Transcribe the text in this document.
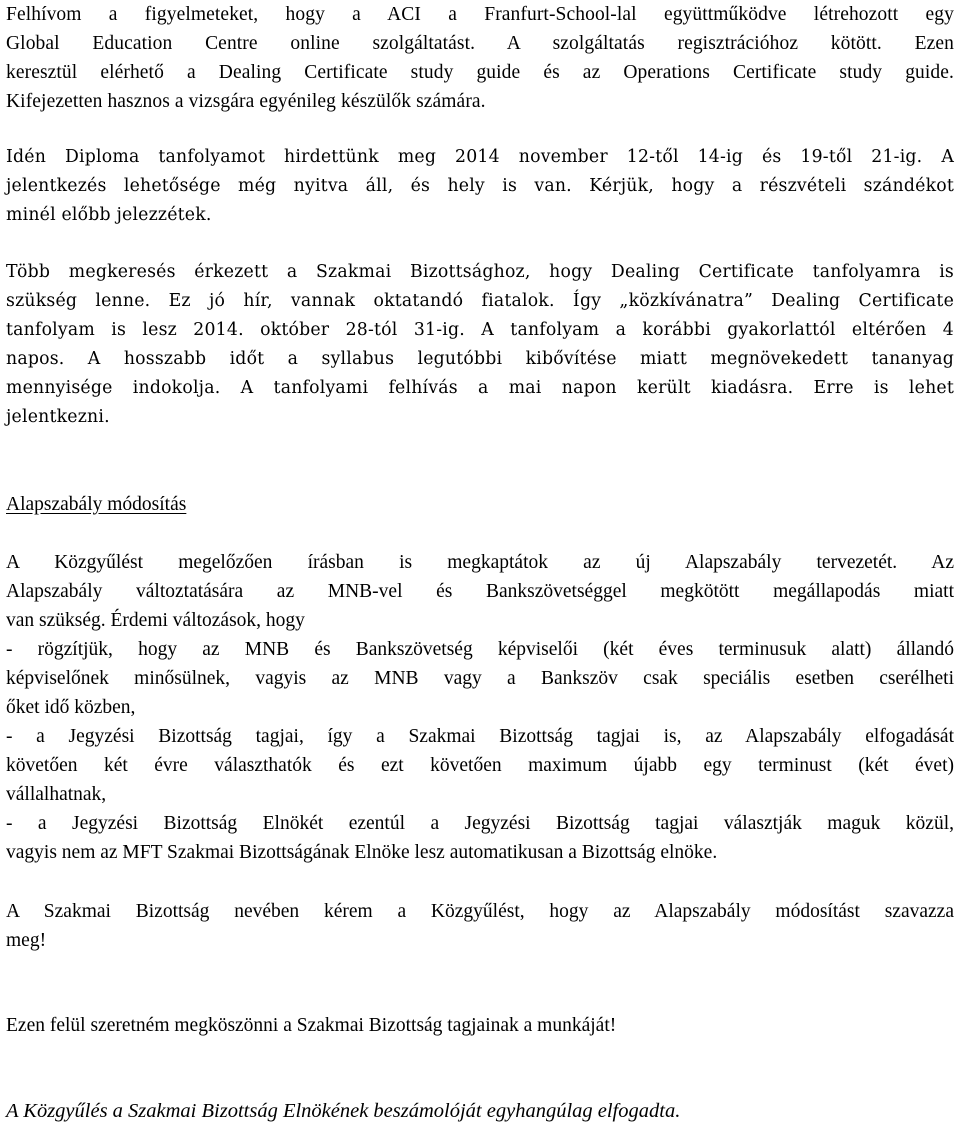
Felhívom a figyelmeteket, hogy a ACI a Franfurt-School-lal együttműködve létrehozott egy
Global Education Centre online szolgáltatást. A szolgáltatás regisztrációhoz kötött. Ezen
keresztül elérhető a Dealing Certificate study guide és az Operations Certificate study guide.
Kifejezetten hasznos a vizsgára egyénileg készülők számára.
Idén Diploma tanfolyamot hirdettünk meg 2014 november 12-től 14-ig és 19-től 21-ig. A
jelentkezés lehetősége még nyitva áll, és hely is van. Kérjük, hogy a részvételi szándékot
minél előbb jelezzétek.
Több megkeresés érkezett a Szakmai Bizottsághoz, hogy Dealing Certificate tanfolyamra is
szükség lenne. Ez jó hír, vannak oktatandó fiatalok. Így „közkívánatra” Dealing Certificate
tanfolyam is lesz 2014. október 28-tól 31-ig. A tanfolyam a korábbi gyakorlattól eltérően 4
napos. A hosszabb időt a syllabus legutóbbi kibővítése miatt megnövekedett tananyag
mennyisége indokolja. A tanfolyami felhívás a mai napon került kiadásra. Erre is lehet
jelentkezni.
Alapszabály módosítás
A Közgyűlést megelőzően írásban is megkaptátok az új Alapszabály tervezetét. Az
Alapszabály változtatására az MNB-vel és Bankszövetséggel megkötött megállapodás miatt
van szükség. Érdemi változások, hogy
- rögzítjük, hogy az MNB és Bankszövetség képviselői (két éves terminusuk alatt) állandó
képviselőnek minősülnek, vagyis az MNB vagy a Bankszöv csak speciális esetben cserélheti
őket idő közben,
- a Jegyzési Bizottság tagjai, így a Szakmai Bizottság tagjai is, az Alapszabály elfogadását
követően két évre választhatók és ezt követően maximum újabb egy terminust (két évet)
vállalhatnak,
- a Jegyzési Bizottság Elnökét ezentúl a Jegyzési Bizottság tagjai választják maguk közül,
vagyis nem az MFT Szakmai Bizottságának Elnöke lesz automatikusan a Bizottság elnöke.
A Szakmai Bizottság nevében kérem a Közgyűlést, hogy az Alapszabály módosítást szavazza
meg!
Ezen felül szeretném megköszönni a Szakmai Bizottság tagjainak a munkáját!
A Közgyűlés a Szakmai Bizottság Elnökének beszámolóját egyhangúlag elfogadta.
